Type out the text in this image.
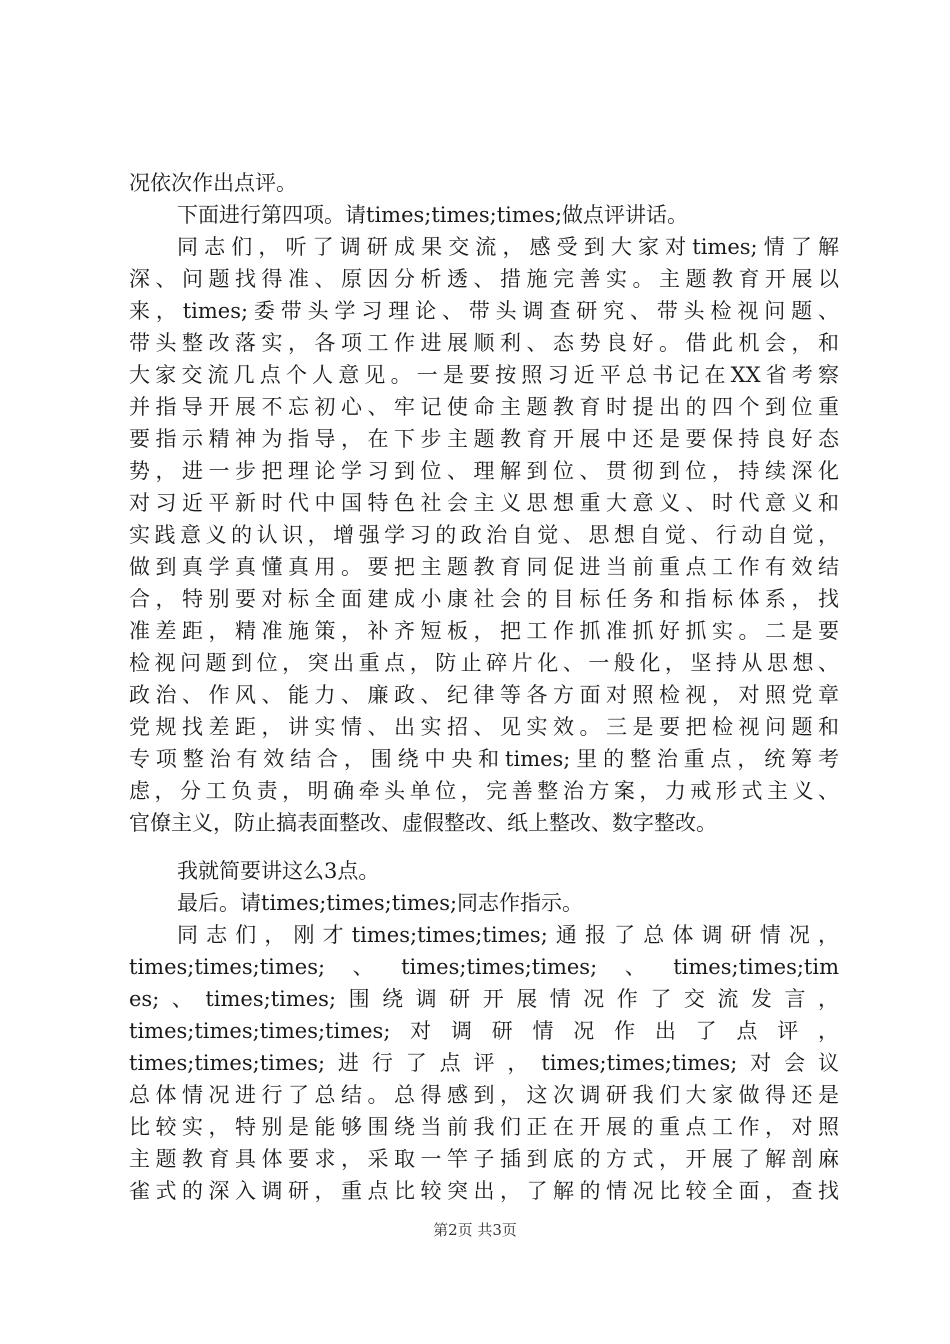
况依次作出点评。
下面进行第四项。请times;times;times;做点评讲话。
同志们，听了调研成果交流，感受到大家对times;情了解
深、问题找得准、原因分析透、措施完善实。主题教育开展以
来，times;委带头学习理论、带头调查研究、带头检视问题、
带头整改落实，各项工作进展顺利、态势良好。借此机会，和
大家交流几点个人意见。一是要按照习近平总书记在XX省考察
并指导开展不忘初心、牢记使命主题教育时提出的四个到位重
要指示精神为指导，在下步主题教育开展中还是要保持良好态
势，进一步把理论学习到位、理解到位、贯彻到位，持续深化
对习近平新时代中国特色社会主义思想重大意义、时代意义和
实践意义的认识，增强学习的政治自觉、思想自觉、行动自觉，
做到真学真懂真用。要把主题教育同促进当前重点工作有效结
合，特别要对标全面建成小康社会的目标任务和指标体系，找
准差距，精准施策，补齐短板，把工作抓准抓好抓实。二是要
检视问题到位，突出重点，防止碎片化、一般化，坚持从思想、
政治、作风、能力、廉政、纪律等各方面对照检视，对照党章
党规找差距，讲实情、出实招、见实效。三是要把检视问题和
专项整治有效结合，围绕中央和times;里的整治重点，统筹考
虑，分工负责，明确牵头单位，完善整治方案，力戒形式主义、
官僚主义，防止搞表面整改、虚假整改、纸上整改、数字整改。
我就简要讲这么3点。
最后。请times;times;times;同志作指示。
同志们，刚才times;times;times;通报了总体调研情况，
times;times;times;、times;times;times;、times;times;tim
es;、times;times;围绕调研开展情况作了交流发言，
times;times;times;times;对调研情况作出了点评，
times;times;times;进行了点评，times;times;times;对会议
总体情况进行了总结。总得感到，这次调研我们大家做得还是
比较实，特别是能够围绕当前我们正在开展的重点工作，对照
主题教育具体要求，采取一竿子插到底的方式，开展了解剖麻
雀式的深入调研，重点比较突出，了解的情况比较全面，查找
第2页 共3页
